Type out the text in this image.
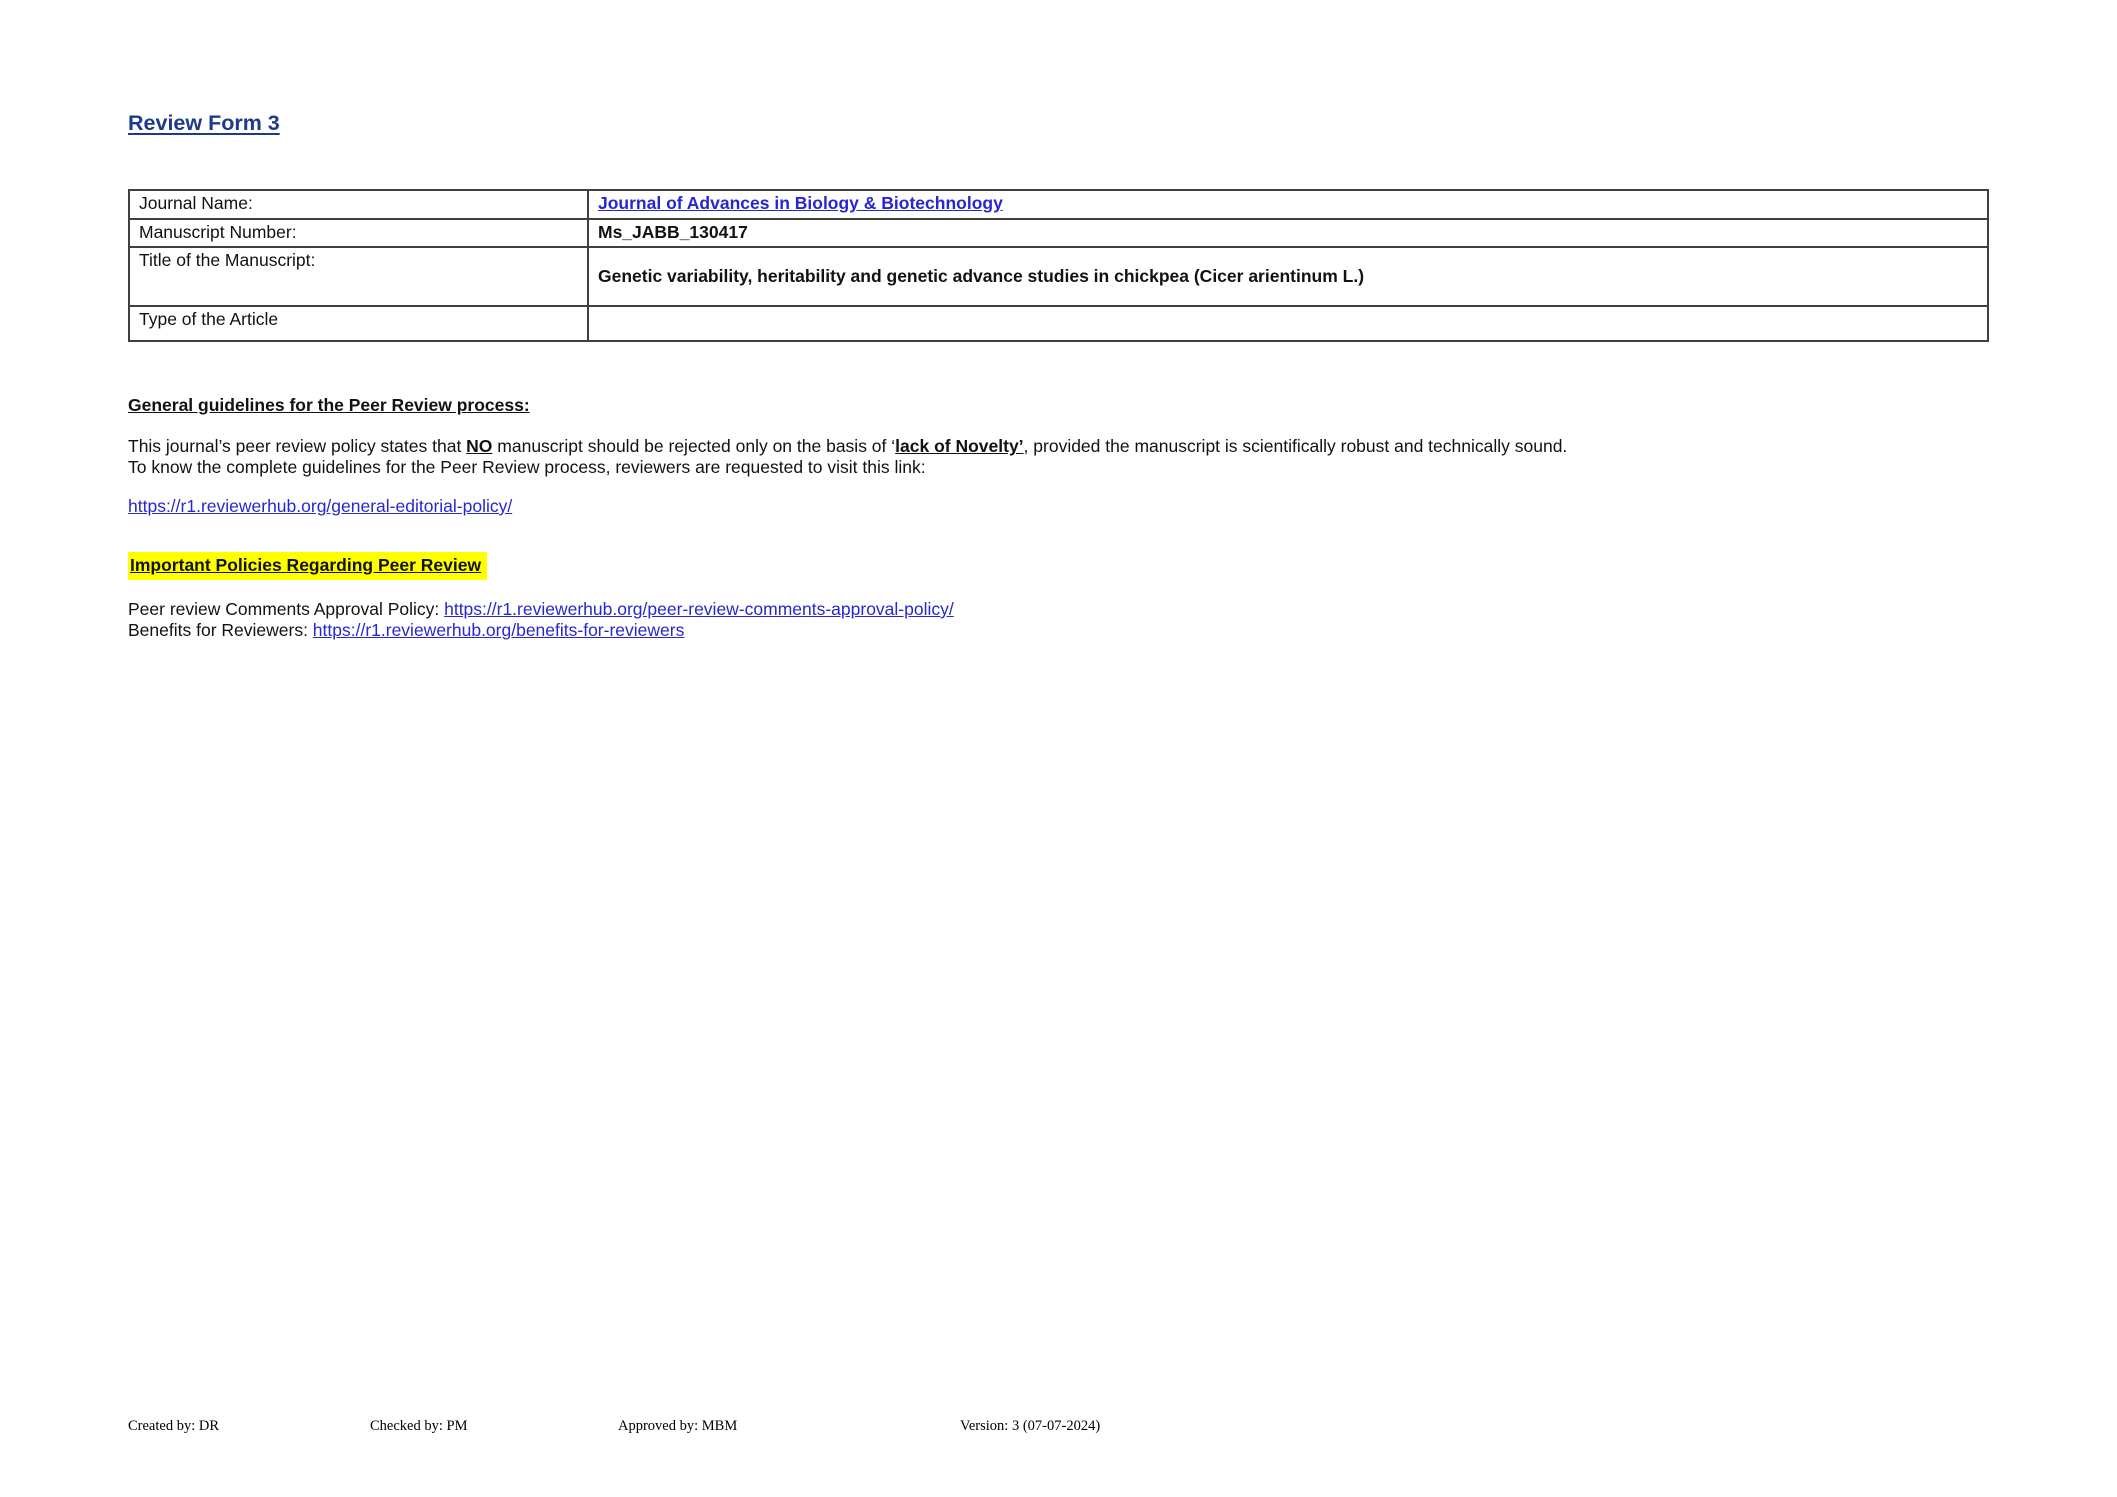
Review Form 3
Journal Name:	Journal of Advances in Biology & Biotechnology
Manuscript Number:	Ms_JABB_130417
Title of the Manuscript:	Genetic variability, heritability and genetic advance studies in chickpea (Cicer arientinum L.)
Type of the Article	
General guidelines for the Peer Review process:
This journal’s peer review policy states that NO manuscript should be rejected only on the basis of ‘lack of Novelty’, provided the manuscript is scientifically robust and technically sound.
To know the complete guidelines for the Peer Review process, reviewers are requested to visit this link:
https://r1.reviewerhub.org/general-editorial-policy/
Important Policies Regarding Peer Review
Peer review Comments Approval Policy: https://r1.reviewerhub.org/peer-review-comments-approval-policy/
Benefits for Reviewers: https://r1.reviewerhub.org/benefits-for-reviewers
Created by: DR	Checked by: PM	Approved by: MBM	Version: 3 (07-07-2024)
